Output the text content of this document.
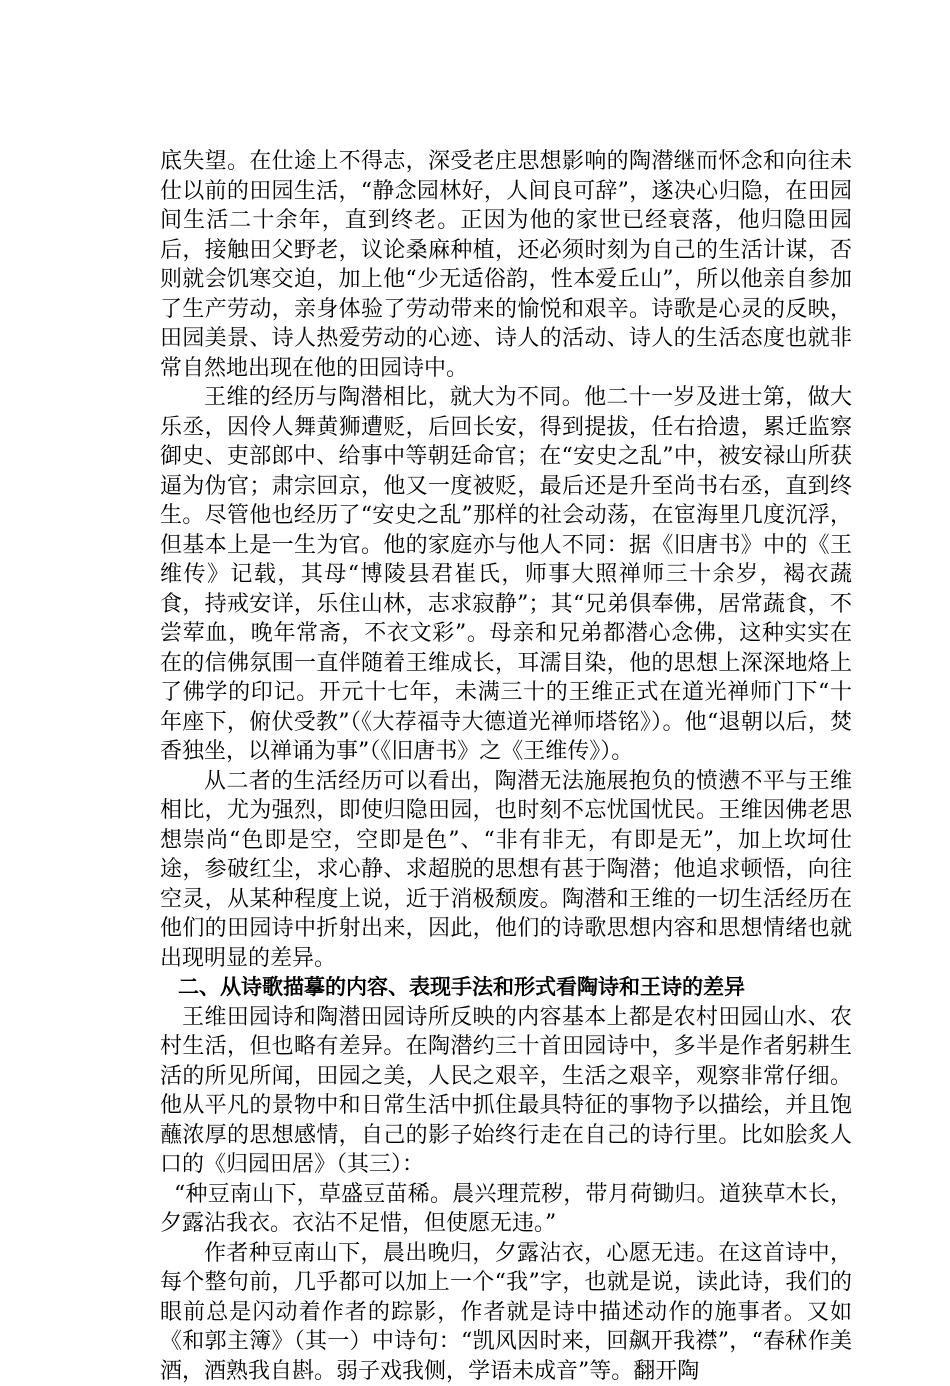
底失望。在仕途上不得志，深受老庄思想影响的陶潜继而怀念和向往未仕以前的田园生活，“静念园林好，人间良可辞”，遂决心归隐，在田园间生活二十余年，直到终老。正因为他的家世已经衰落，他归隐田园后，接触田父野老，议论桑麻种植，还必须时刻为自己的生活计谋，否则就会饥寒交迫，加上他“少无适俗韵，性本爱丘山”，所以他亲自参加了生产劳动，亲身体验了劳动带来的愉悦和艰辛。诗歌是心灵的反映，田园美景、诗人热爱劳动的心迹、诗人的活动、诗人的生活态度也就非常自然地出现在他的田园诗中。

王维的经历与陶潜相比，就大为不同。他二十一岁及进士第，做大乐丞，因伶人舞黄狮遭贬，后回长安，得到提拔，任右拾遗，累迁监察御史、吏部郎中、给事中等朝廷命官；在“安史之乱”中，被安禄山所获逼为伪官；肃宗回京，他又一度被贬，最后还是升至尚书右丞，直到终生。尽管他也经历了“安史之乱”那样的社会动荡，在宦海里几度沉浮，但基本上是一生为官。他的家庭亦与他人不同：据《旧唐书》中的《王维传》记载，其母“博陵县君崔氏，师事大照禅师三十余岁，褐衣蔬食，持戒安详，乐住山林，志求寂静”；其“兄弟俱奉佛，居常蔬食，不尝荤血，晚年常斋，不衣文彩”。母亲和兄弟都潜心念佛，这种实实在在的信佛氛围一直伴随着王维成长，耳濡目染，他的思想上深深地烙上了佛学的印记。开元十七年，未满三十的王维正式在道光禅师门下“十年座下，俯伏受教”（《大荐福寺大德道光禅师塔铭》）。他“退朝以后，焚香独坐，以禅诵为事”（《旧唐书》之《王维传》）。

从二者的生活经历可以看出，陶潜无法施展抱负的愤懑不平与王维相比，尤为强烈，即使归隐田园，也时刻不忘忧国忧民。王维因佛老思想崇尚“色即是空，空即是色”、“非有非无，有即是无”，加上坎坷仕途，参破红尘，求心静、求超脱的思想有甚于陶潜；他追求顿悟，向往空灵，从某种程度上说，近于消极颓废。陶潜和王维的一切生活经历在他们的田园诗中折射出来，因此，他们的诗歌思想内容和思想情绪也就出现明显的差异。

二、从诗歌描摹的内容、表现手法和形式看陶诗和王诗的差异

王维田园诗和陶潜田园诗所反映的内容基本上都是农村田园山水、农村生活，但也略有差异。在陶潜约三十首田园诗中，多半是作者躬耕生活的所见所闻，田园之美，人民之艰辛，生活之艰辛，观察非常仔细。他从平凡的景物中和日常生活中抓住最具特征的事物予以描绘，并且饱蘸浓厚的思想感情，自己的影子始终行走在自己的诗行里。比如脍炙人口的《归园田居》（其三）：

“种豆南山下，草盛豆苗稀。晨兴理荒秽，带月荷锄归。道狭草木长，夕露沾我衣。衣沾不足惜，但使愿无违。”

作者种豆南山下，晨出晚归，夕露沾衣，心愿无违。在这首诗中，每个整句前，几乎都可以加上一个“我”字，也就是说，读此诗，我们的眼前总是闪动着作者的踪影，作者就是诗中描述动作的施事者。又如《和郭主簿》（其一）中诗句：“凯风因时来，回飙开我襟”，“春秫作美酒，酒熟我自斟。弱子戏我侧，学语未成音”等。翻开陶
